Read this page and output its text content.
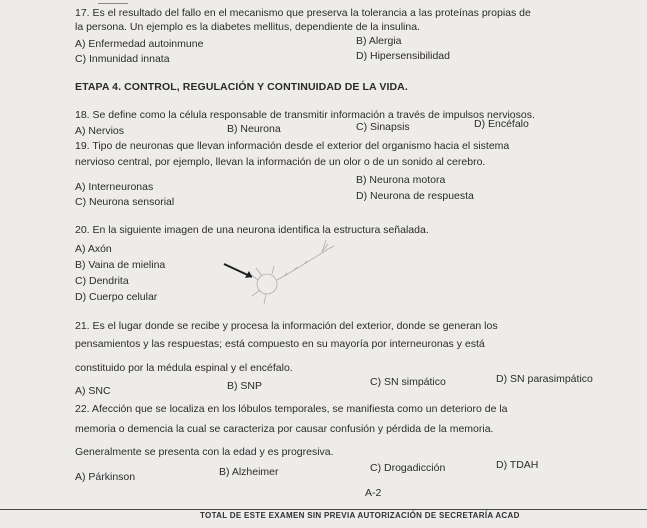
17. Es el resultado del fallo en el mecanismo que preserva la tolerancia a las proteínas propias de
la persona. Un ejemplo es la diabetes mellitus, dependiente de la insulina.
A) Enfermedad autoinmune	B) Alergia
C) Inmunidad innata	D) Hipersensibilidad
ETAPA 4. CONTROL, REGULACIÓN Y CONTINUIDAD DE LA VIDA.
18. Se define como la célula responsable de transmitir información a través de impulsos nerviosos.
A) Nervios	B) Neurona	C) Sinapsis	D) Encéfalo
19. Tipo de neuronas que llevan información desde el exterior del organismo hacia el sistema
nervioso central, por ejemplo, llevan la información de un olor o de un sonido al cerebro.
A) Interneuronas
B) Neurona motora
C) Neurona sensorial	D) Neurona de respuesta
20. En la siguiente imagen de una neurona identifica la estructura señalada.
A) Axón
B) Vaina de mielina
C) Dendrita
D) Cuerpo celular
21. Es el lugar donde se recibe y procesa la información del exterior, donde se generan los
pensamientos y las respuestas; está compuesto en su mayoría por interneuronas y está
constituido por la médula espinal y el encéfalo.
A) SNC	B) SNP	C) SN simpático	D) SN parasimpático
22. Afección que se localiza en los lóbulos temporales, se manifiesta como un deterioro de la
memoria o demencia la cual se caracteriza por causar confusión y pérdida de la memoria.
Generalmente se presenta con la edad y es progresiva.
A) Párkinson	B) Alzheimer	C) Drogadicción	D) TDAH
A-2
TOTAL DE ESTE EXAMEN SIN PREVIA AUTORIZACIÓN DE SECRETARÍA ACAD
